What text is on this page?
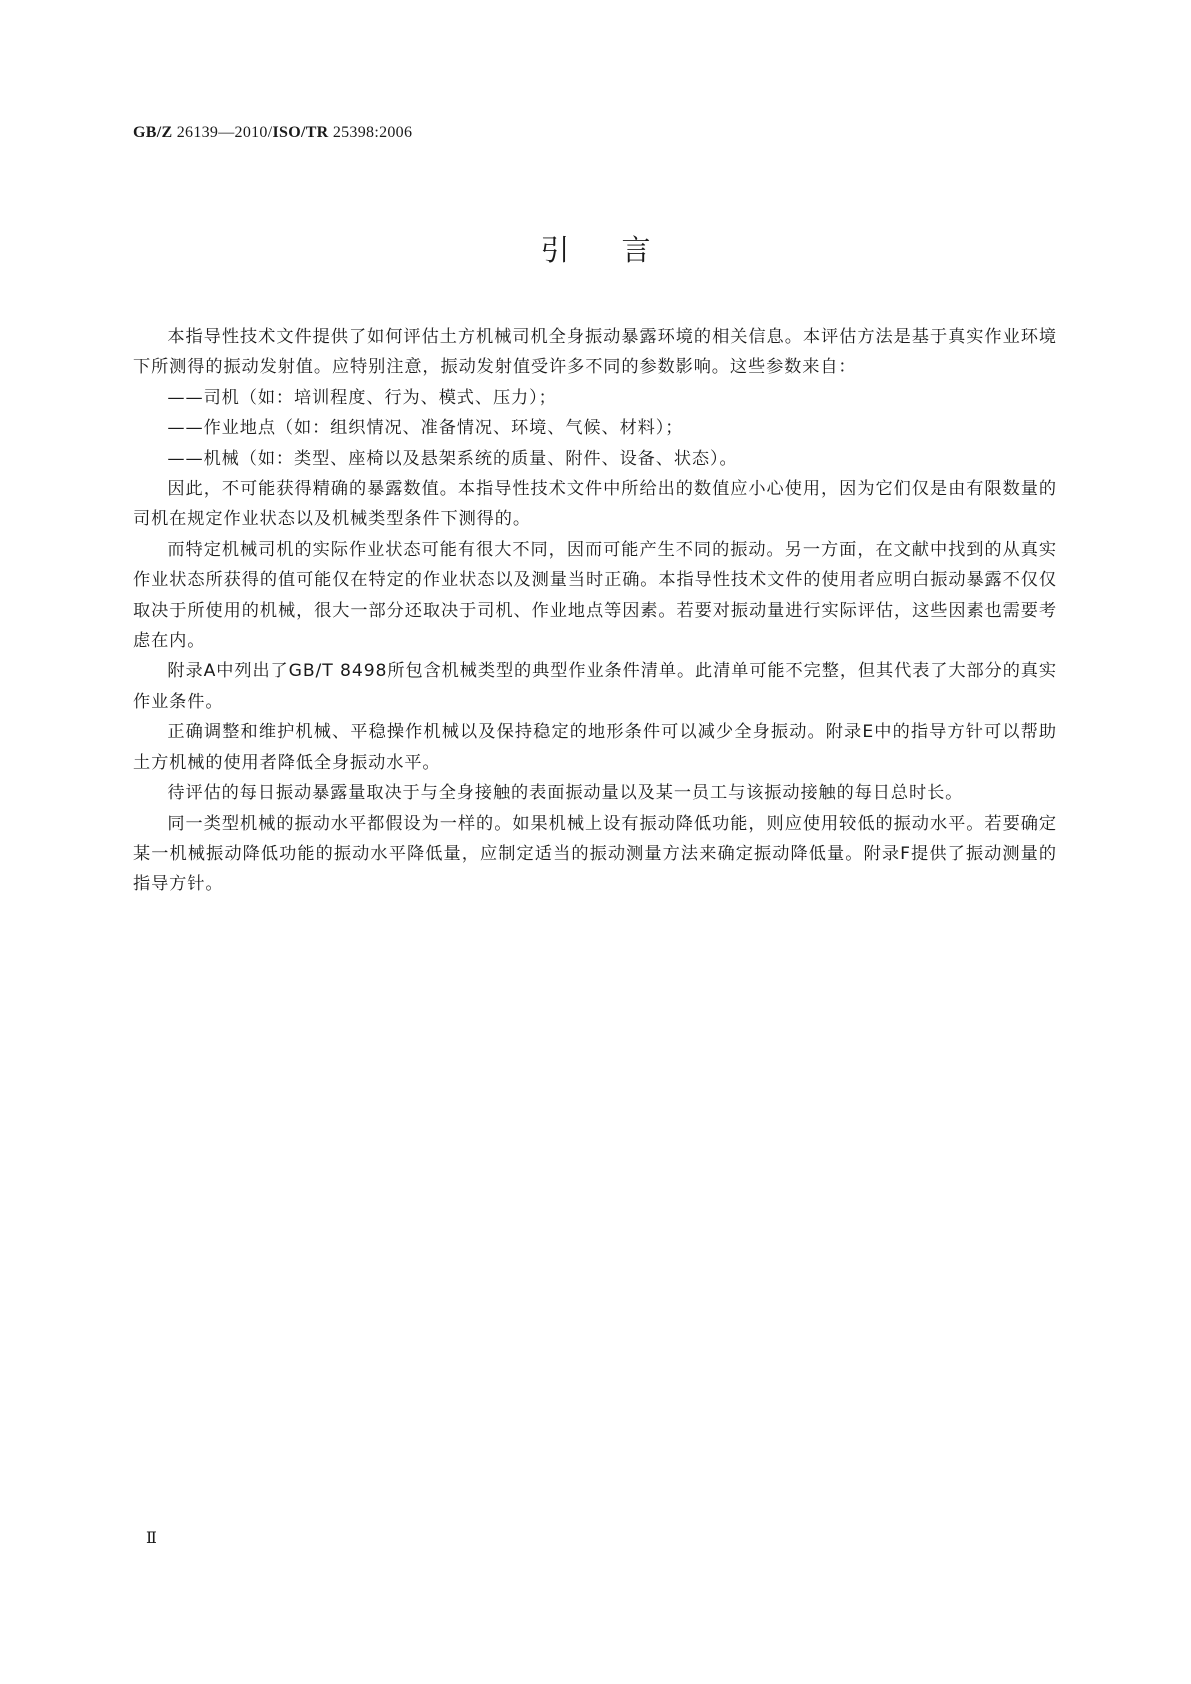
GB/Z 26139—2010/ISO/TR 25398:2006
引言

本指导性技术文件提供了如何评估土方机械司机全身振动暴露环境的相关信息。本评估方法是基于真实作业环境下所测得的振动发射值。应特别注意，振动发射值受许多不同的参数影响。这些参数来自：

——司机（如：培训程度、行为、模式、压力）；

——作业地点（如：组织情况、准备情况、环境、气候、材料）；

——机械（如：类型、座椅以及悬架系统的质量、附件、设备、状态）。

因此，不可能获得精确的暴露数值。本指导性技术文件中所给出的数值应小心使用，因为它们仅是由有限数量的司机在规定作业状态以及机械类型条件下测得的。

而特定机械司机的实际作业状态可能有很大不同，因而可能产生不同的振动。另一方面，在文献中找到的从真实作业状态所获得的值可能仅在特定的作业状态以及测量当时正确。本指导性技术文件的使用者应明白振动暴露不仅仅取决于所使用的机械，很大一部分还取决于司机、作业地点等因素。若要对振动量进行实际评估，这些因素也需要考虑在内。

附录A中列出了GB/T 8498所包含机械类型的典型作业条件清单。此清单可能不完整，但其代表了大部分的真实作业条件。

正确调整和维护机械、平稳操作机械以及保持稳定的地形条件可以减少全身振动。附录E中的指导方针可以帮助土方机械的使用者降低全身振动水平。

待评估的每日振动暴露量取决于与全身接触的表面振动量以及某一员工与该振动接触的每日总时长。

同一类型机械的振动水平都假设为一样的。如果机械上设有振动降低功能，则应使用较低的振动水平。若要确定某一机械振动降低功能的振动水平降低量，应制定适当的振动测量方法来确定振动降低量。附录F提供了振动测量的指导方针。

Ⅱ
